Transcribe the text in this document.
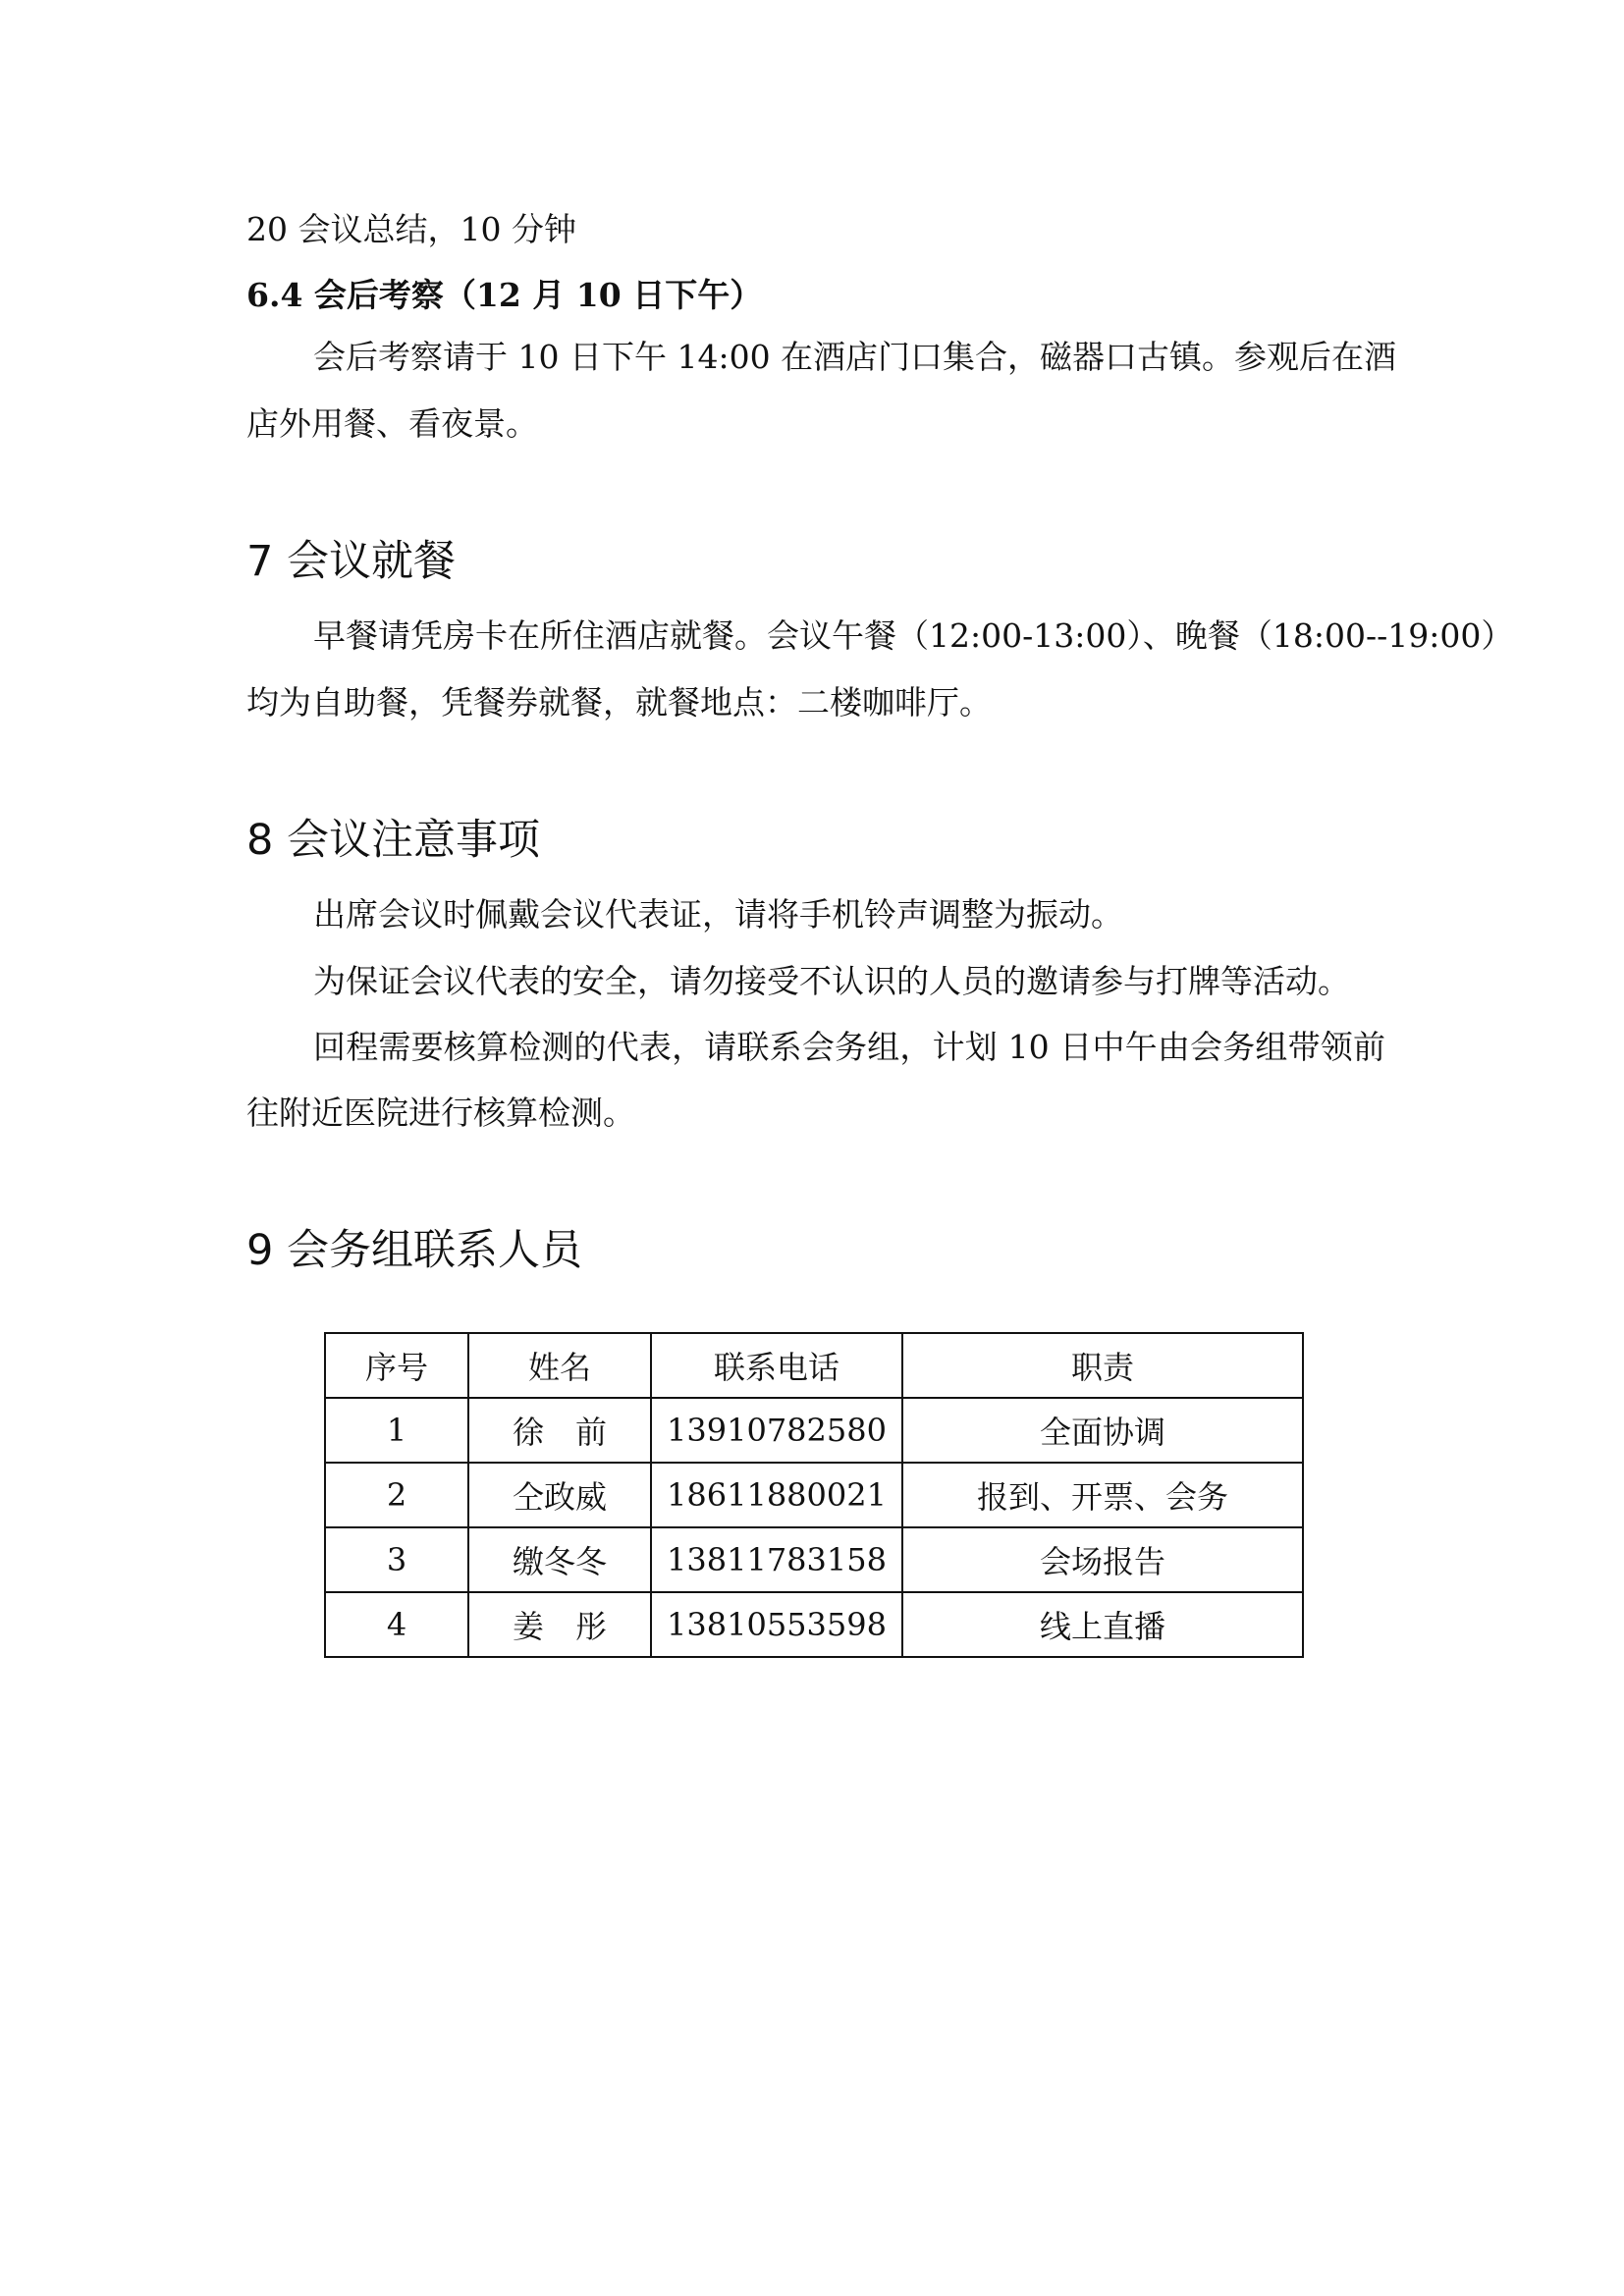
20 会议总结，10 分钟
6.4 会后考察（12 月 10 日下午）
会后考察请于 10 日下午 14:00 在酒店门口集合，磁器口古镇。参观后在酒
店外用餐、看夜景。
7 会议就餐
早餐请凭房卡在所住酒店就餐。会议午餐（12:00-13:00）、晚餐（18:00--19:00）
均为自助餐，凭餐券就餐，就餐地点：二楼咖啡厅。
8 会议注意事项
出席会议时佩戴会议代表证，请将手机铃声调整为振动。
为保证会议代表的安全，请勿接受不认识的人员的邀请参与打牌等活动。
回程需要核算检测的代表，请联系会务组，计划 10 日中午由会务组带领前
往附近医院进行核算检测。
9 会务组联系人员
序号	姓名	联系电话	职责
1	徐　前	13910782580	全面协调
2	仝政威	18611880021	报到、开票、会务
3	缴冬冬	13811783158	会场报告
4	姜　彤	13810553598	线上直播
